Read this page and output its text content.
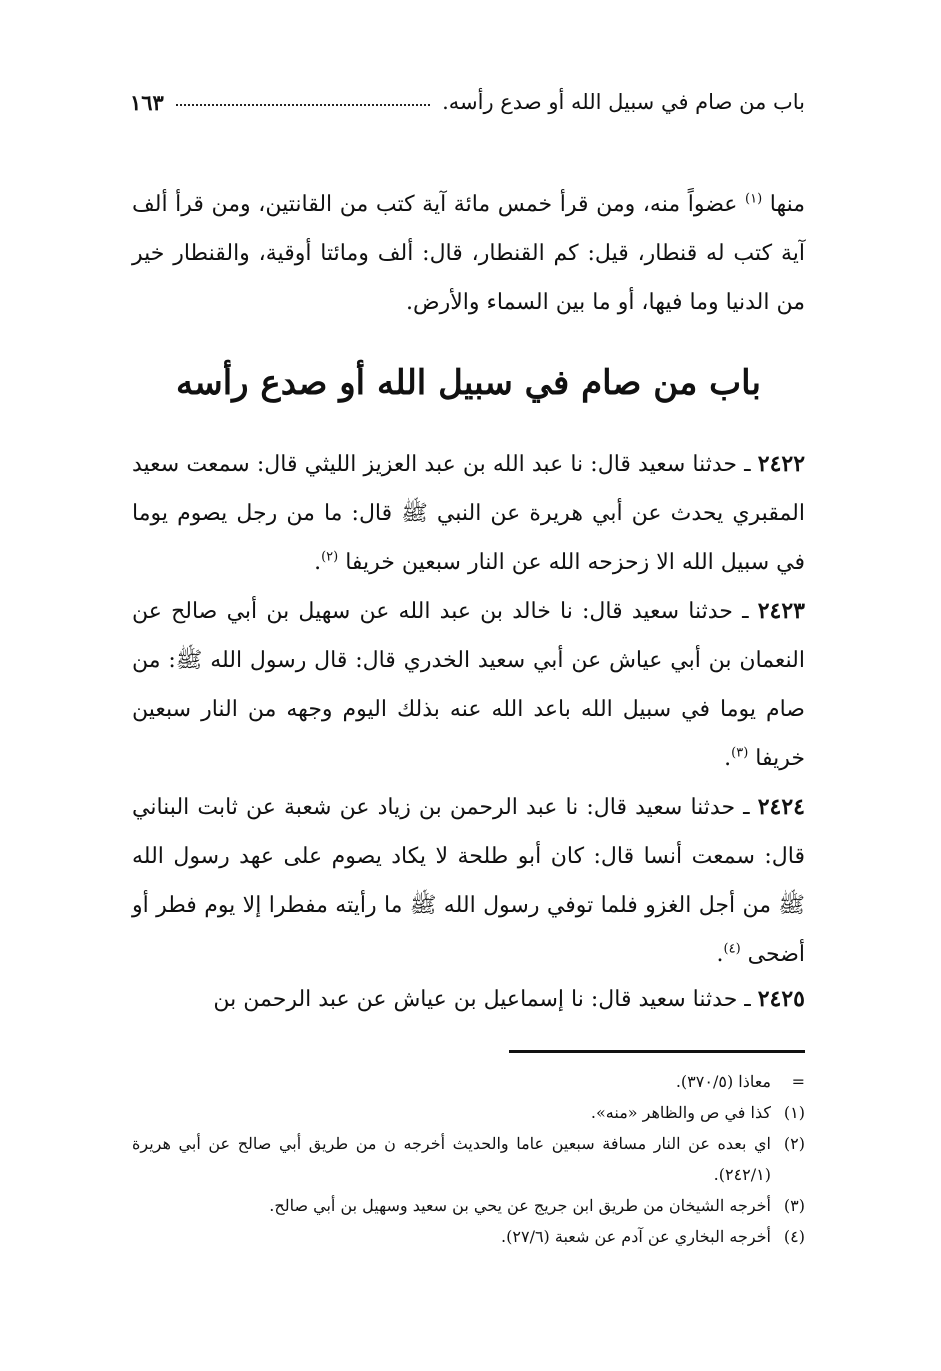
باب من صام في سبيل الله أو صدع رأسه.
١٦٣
منها $^{(١)}$ عضواً منه، ومن قرأ خمس مائة آية كتب من القانتين، ومن قرأ ألف آية كتب له قنطار، قيل: كم القنطار، قال: ألف ومائتا أوقية، والقنطار خير من الدنيا وما فيها، أو ما بين السماء والأرض.
باب من صام في سبيل الله أو صدع رأسه
٢٤٢٢ ـ حدثنا سعيد قال: نا عبد الله بن عبد العزيز الليثي قال: سمعت سعيد المقبري يحدث عن أبي هريرة عن النبي ﷺ قال: ما من رجل يصوم يوما في سبيل الله الا زحزحه الله عن النار سبعين خريفا $^{(٢)}$.
٢٤٢٣ ـ حدثنا سعيد قال: نا خالد بن عبد الله عن سهيل بن أبي صالح عن النعمان بن أبي عياش عن أبي سعيد الخدري قال: قال رسول الله ﷺ: من صام يوما في سبيل الله باعد الله عنه بذلك اليوم وجهه من النار سبعين خريفا $^{(٣)}$.
٢٤٢٤ ـ حدثنا سعيد قال: نا عبد الرحمن بن زياد عن شعبة عن ثابت البناني قال: سمعت أنسا قال: كان أبو طلحة لا يكاد يصوم على عهد رسول الله ﷺ من أجل الغزو فلما توفي رسول الله ﷺ ما رأيته مفطرا إلا يوم فطر أو أضحى $^{(٤)}$.
٢٤٢٥ ـ حدثنا سعيد قال: نا إسماعيل بن عياش عن عبد الرحمن بن
=
معاذا (٣٧٠/٥).
(١)
كذا في ص والظاهر «منه».
(٢)
اي بعده عن النار مسافة سبعين عاما والحديث أخرجه ن من طريق أبي صالح عن أبي هريرة (٢٤٢/١).
(٣)
أخرجه الشيخان من طريق ابن جريج عن يحي بن سعيد وسهيل بن أبي صالح.
(٤)
أخرجه البخاري عن آدم عن شعبة (٢٧/٦).
